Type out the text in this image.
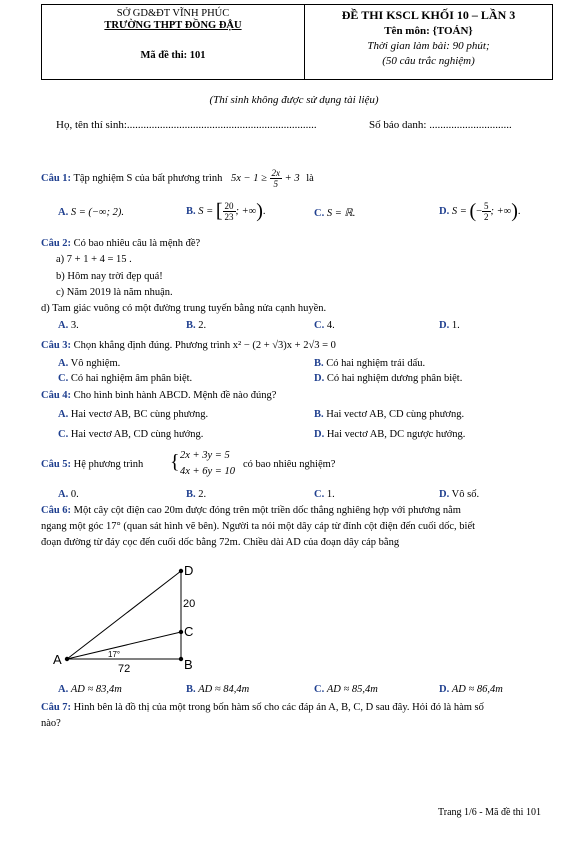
SỞ GD&ĐT VĨNH PHÚC
TRƯỜNG THPT ĐỒNG ĐẬU
Mã đề thi: 101
ĐỀ THI KSCL KHỐI 10 – LẦN 3
Tên môn: {TOÁN}
Thời gian làm bài: 90 phút;
(50 câu trắc nghiệm)
(Thí sinh không được sử dụng tài liệu)
Họ, tên thí sinh:.....................................................................	Số báo danh: ..............................
Câu 1: Tập nghiệm S của bất phương trình $5x - 1 \ge \frac{2x}{5} + 3$ là
A. S = (−∞; 2).	B. S = [ $\frac{20}{23}$ ; +∞).	C. S = ℝ.	D. S = (− $\frac{5}{2}$ ; +∞).
Câu 2: Có bao nhiêu câu là mệnh đề?
a) 7 + 1 + 4 = 15 .
b) Hôm nay trời đẹp quá!
c) Năm 2019 là năm nhuận.
d) Tam giác vuông có một đường trung tuyến bằng nửa cạnh huyền.
A. 3.	B. 2.	C. 4.	D. 1.
Câu 3: Chọn khẳng định đúng. Phương trình x² − (2 + √3)x + 2√3 = 0
A. Vô nghiệm.	B. Có hai nghiệm trái dấu.
C. Có hai nghiệm âm phân biệt.	D. Có hai nghiệm dương phân biệt.
Câu 4: Cho hình bình hành ABCD. Mệnh đề nào đúng?
A. Hai vectơ AB, BC cùng phương.	B. Hai vectơ AB, CD cùng phương.
C. Hai vectơ AB, CD cùng hướng.	D. Hai vectơ AB, DC ngược hướng.
Câu 5: Hệ phương trình { 2x + 3y = 5
4x + 6y = 10
có bao nhiêu nghiệm?
A. 0.	B. 2.	C. 1.	D. Vô số.
Câu 6: Một cây cột điện cao 20m được đóng trên một triền dốc thẳng nghiêng hợp với phương nằm
ngang một góc 17° (quan sát hình vẽ bên). Người ta nói một dây cáp từ đỉnh cột điện đến cuối dốc, biết
đoạn đường từ đáy cọc đến cuối dốc bằng 72m. Chiều dài AD của đoạn dây cáp bằng
D
C
A	B
20
72
17°
A. AD ≈ 83,4m	B. AD ≈ 84,4m	C. AD ≈ 85,4m	D. AD ≈ 86,4m
Câu 7: Hình bên là đồ thị của một trong bốn hàm số cho các đáp án A, B, C, D sau đây. Hỏi đó là hàm số
nào?
Trang 1/6 - Mã đề thi 101
